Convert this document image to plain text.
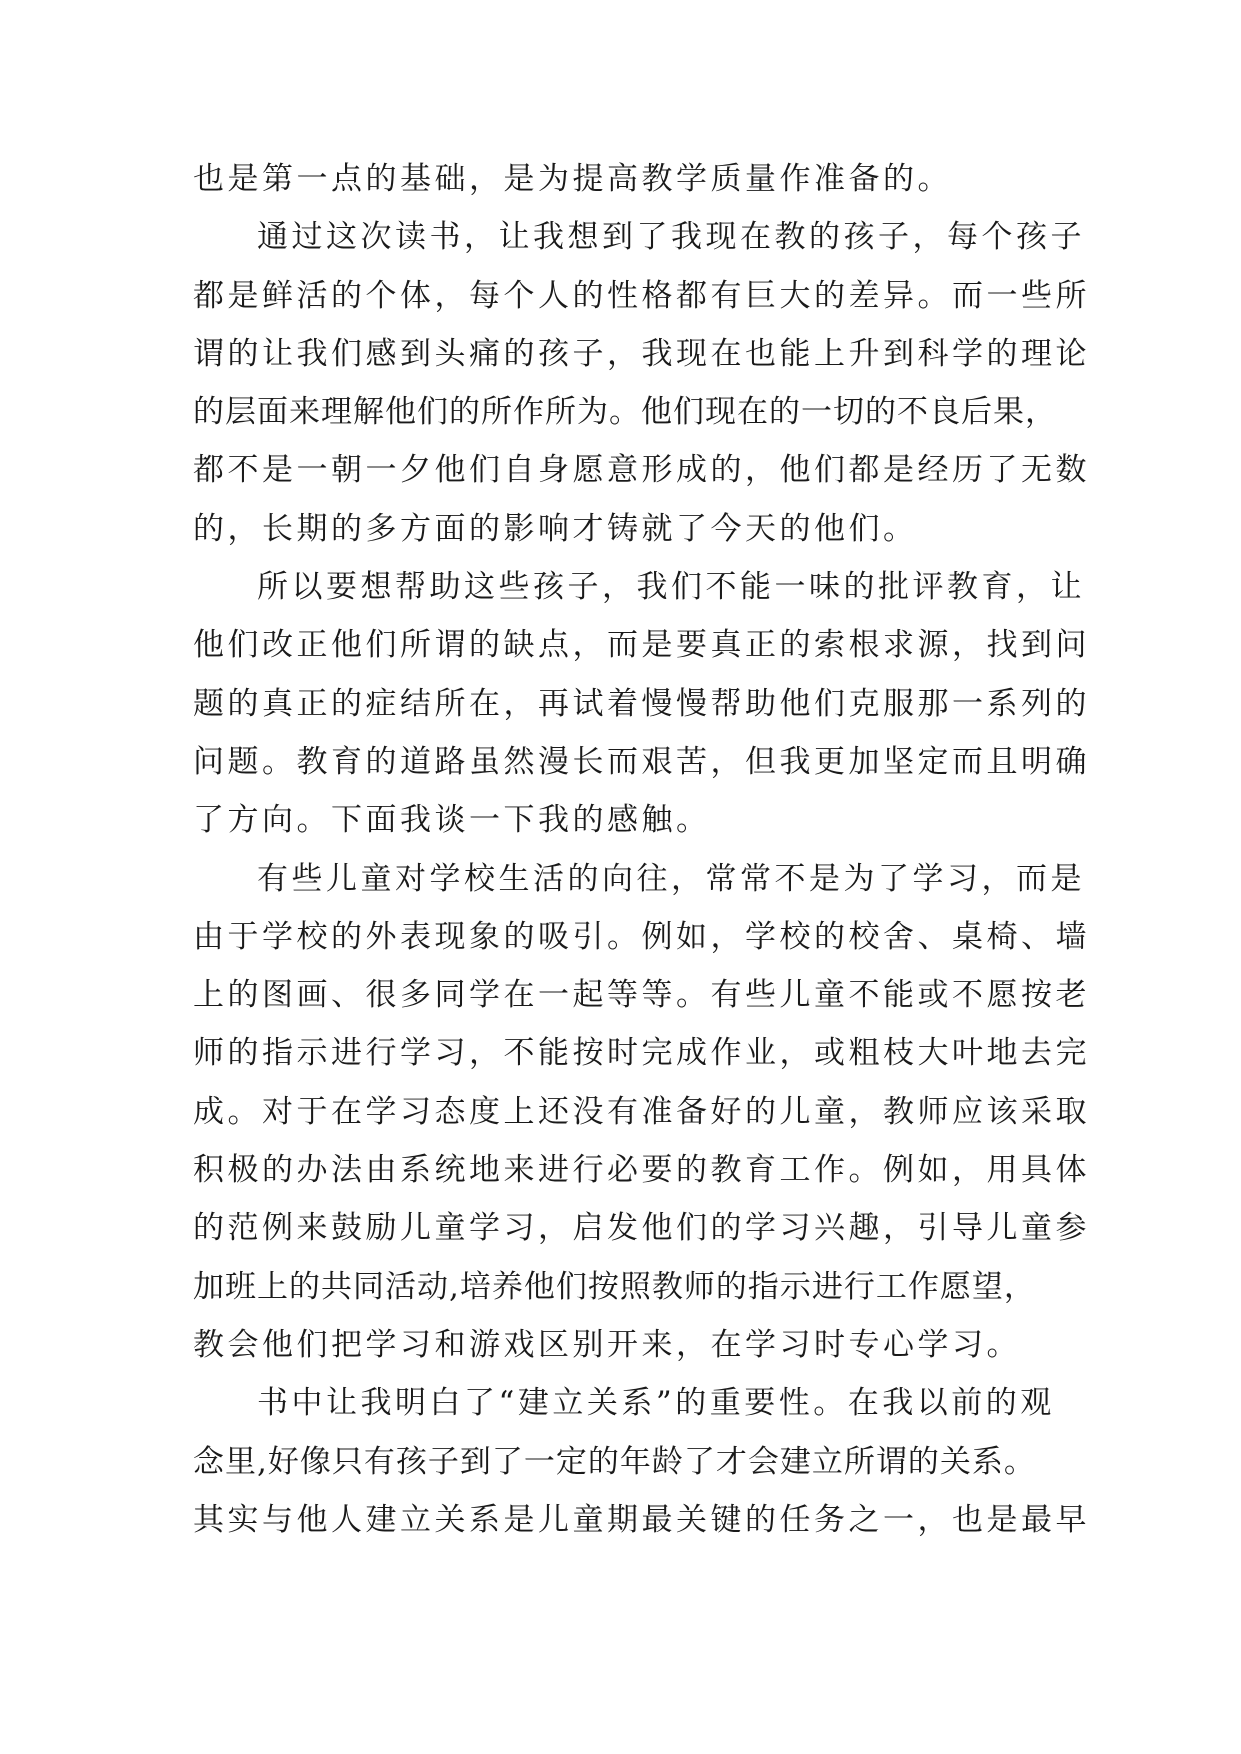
也是第一点的基础，是为提高教学质量作准备的。
通过这次读书，让我想到了我现在教的孩子，每个孩子
都是鲜活的个体，每个人的性格都有巨大的差异。而一些所
谓的让我们感到头痛的孩子，我现在也能上升到科学的理论
的层面来理解他们的所作所为。他们现在的一切的不良后果，
都不是一朝一夕他们自身愿意形成的，他们都是经历了无数
的，长期的多方面的影响才铸就了今天的他们。
所以要想帮助这些孩子，我们不能一味的批评教育，让
他们改正他们所谓的缺点，而是要真正的索根求源，找到问
题的真正的症结所在，再试着慢慢帮助他们克服那一系列的
问题。教育的道路虽然漫长而艰苦，但我更加坚定而且明确
了方向。下面我谈一下我的感触。
有些儿童对学校生活的向往，常常不是为了学习，而是
由于学校的外表现象的吸引。例如，学校的校舍、桌椅、墙
上的图画、很多同学在一起等等。有些儿童不能或不愿按老
师的指示进行学习，不能按时完成作业，或粗枝大叶地去完
成。对于在学习态度上还没有准备好的儿童，教师应该采取
积极的办法由系统地来进行必要的教育工作。例如，用具体
的范例来鼓励儿童学习，启发他们的学习兴趣，引导儿童参
加班上的共同活动,培养他们按照教师的指示进行工作愿望，
教会他们把学习和游戏区别开来，在学习时专心学习。
书中让我明白了“建立关系”的重要性。在我以前的观
念里,好像只有孩子到了一定的年龄了才会建立所谓的关系。
其实与他人建立关系是儿童期最关键的任务之一，也是最早
